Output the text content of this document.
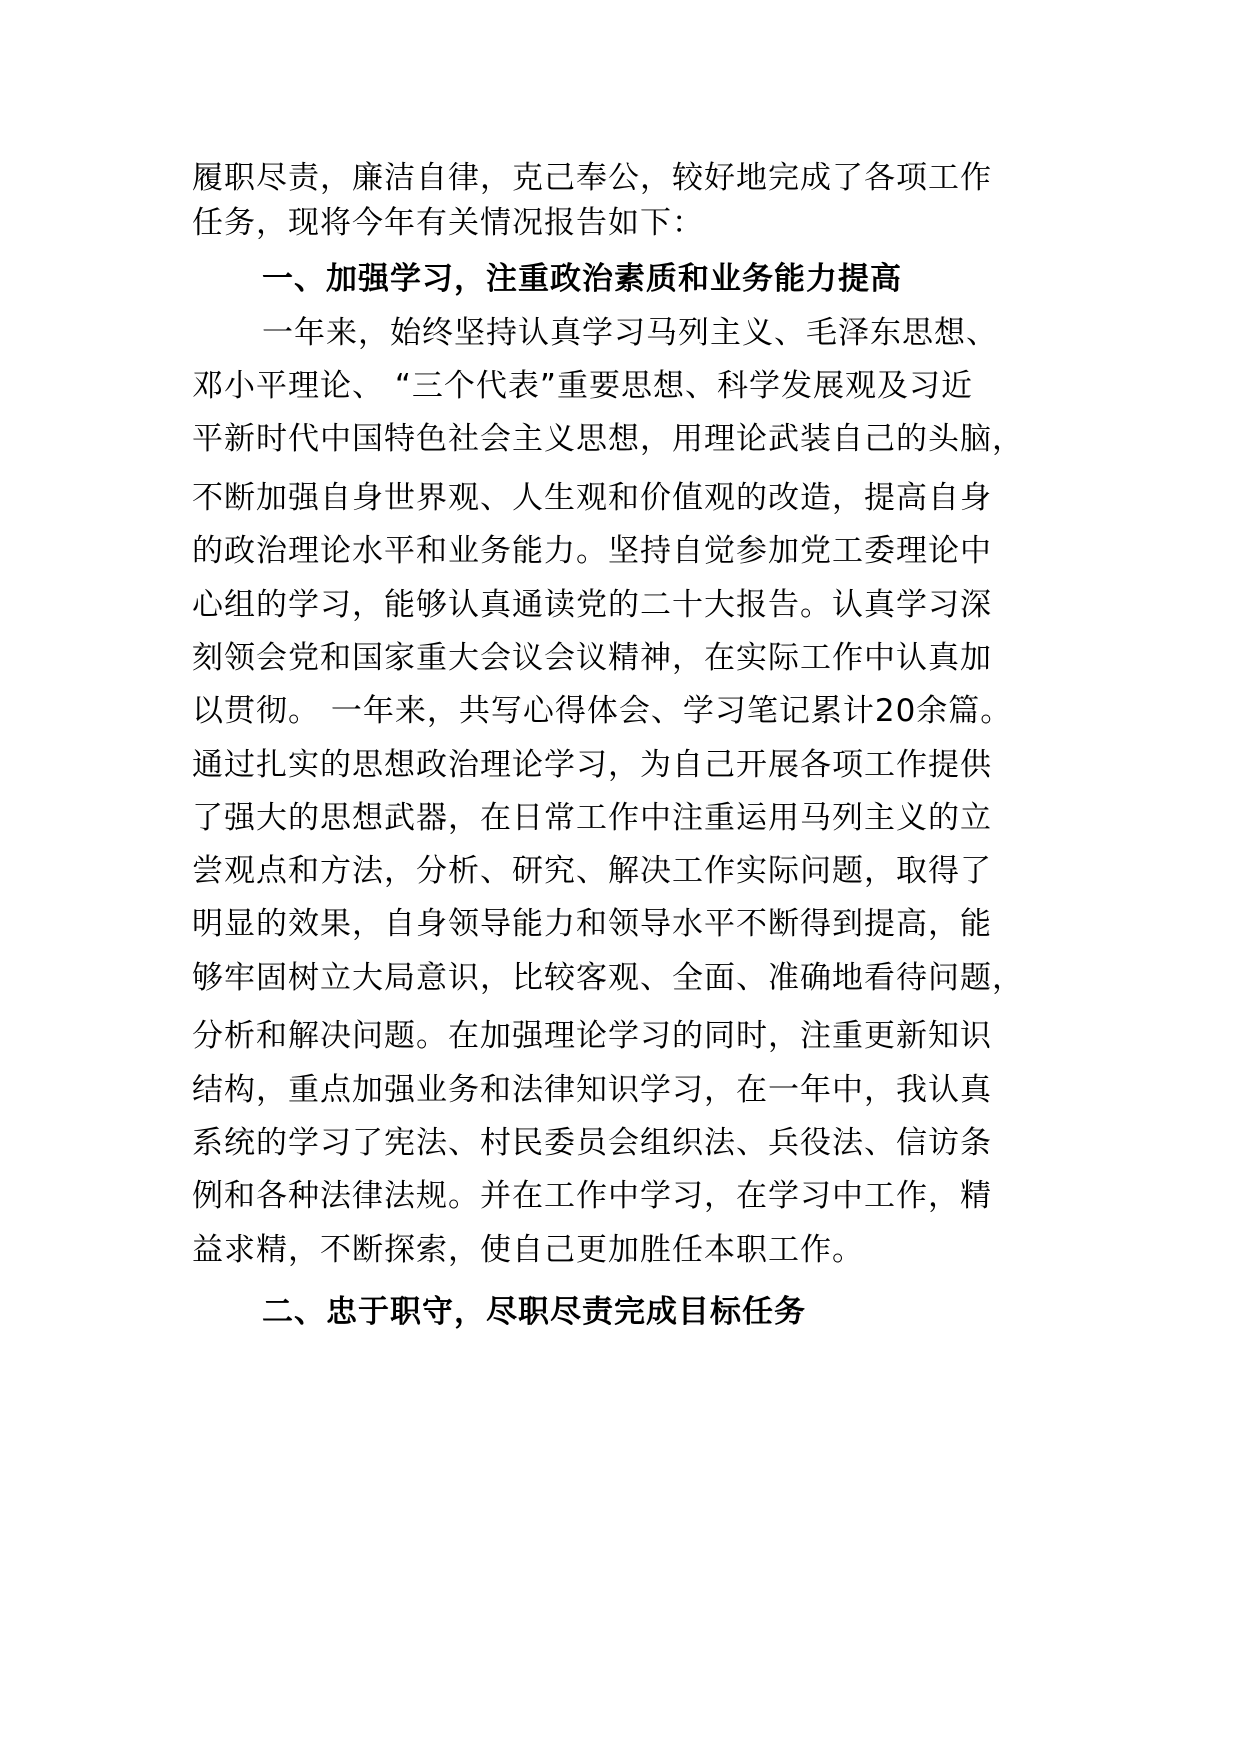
履职尽责，廉洁自律，克己奉公，较好地完成了各项工作
任务，现将今年有关情况报告如下：
一、加强学习，注重政治素质和业务能力提高
一年来，始终坚持认真学习马列主义、毛泽东思想、
邓小平理论、 “三个代表”重要思想、科学发展观及习近
平新时代中国特色社会主义思想，用理论武装自己的头脑，
不断加强自身世界观、人生观和价值观的改造，提高自身
的政治理论水平和业务能力。坚持自觉参加党工委理论中
心组的学习，能够认真通读党的二十大报告。认真学习深
刻领会党和国家重大会议会议精神，在实际工作中认真加
以贯彻。 一年来，共写心得体会、学习笔记累计20余篇。
通过扎实的思想政治理论学习，为自己开展各项工作提供
了强大的思想武器，在日常工作中注重运用马列主义的立
尝观点和方法，分析、研究、解决工作实际问题，取得了
明显的效果，自身领导能力和领导水平不断得到提高，能
够牢固树立大局意识，比较客观、全面、准确地看待问题，
分析和解决问题。在加强理论学习的同时，注重更新知识
结构，重点加强业务和法律知识学习，在一年中，我认真
系统的学习了宪法、村民委员会组织法、兵役法、信访条
例和各种法律法规。并在工作中学习，在学习中工作，精
益求精，不断探索，使自己更加胜任本职工作。
二、忠于职守，尽职尽责完成目标任务
